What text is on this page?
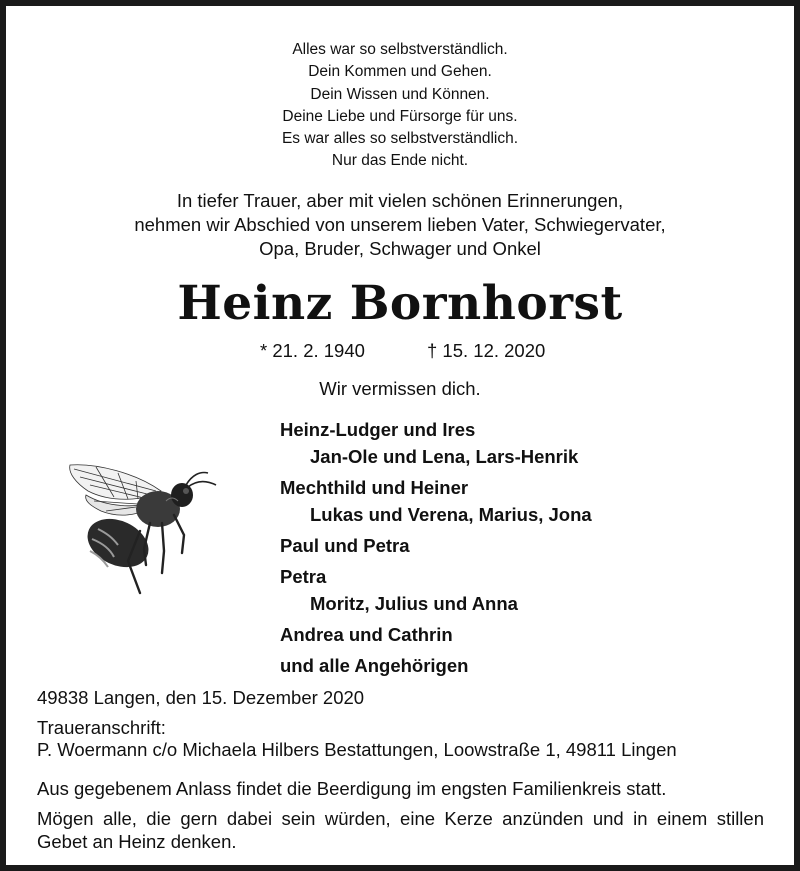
Alles war so selbstverständlich.
Dein Kommen und Gehen.
Dein Wissen und Können.
Deine Liebe und Fürsorge für uns.
Es war alles so selbstverständlich.
Nur das Ende nicht.
In tiefer Trauer, aber mit vielen schönen Erinnerungen,
nehmen wir Abschied von unserem lieben Vater, Schwiegervater,
Opa, Bruder, Schwager und Onkel
Heinz Bornhorst
* 21. 2. 1940	† 15. 12. 2020
Wir vermissen dich.
Heinz-Ludger und Ires
Jan-Ole und Lena, Lars-Henrik
Mechthild und Heiner
Lukas und Verena, Marius, Jona
Paul und Petra
Petra
Moritz, Julius und Anna
Andrea und Cathrin
und alle Angehörigen
49838 Langen, den 15. Dezember 2020
Traueranschrift:
P. Woermann c/o Michaela Hilbers Bestattungen, Loowstraße 1, 49811 Lingen
Aus gegebenem Anlass findet die Beerdigung im engsten Familienkreis statt.
Mögen alle, die gern dabei sein würden, eine Kerze anzünden und in einem stillen Gebet an Heinz denken.
